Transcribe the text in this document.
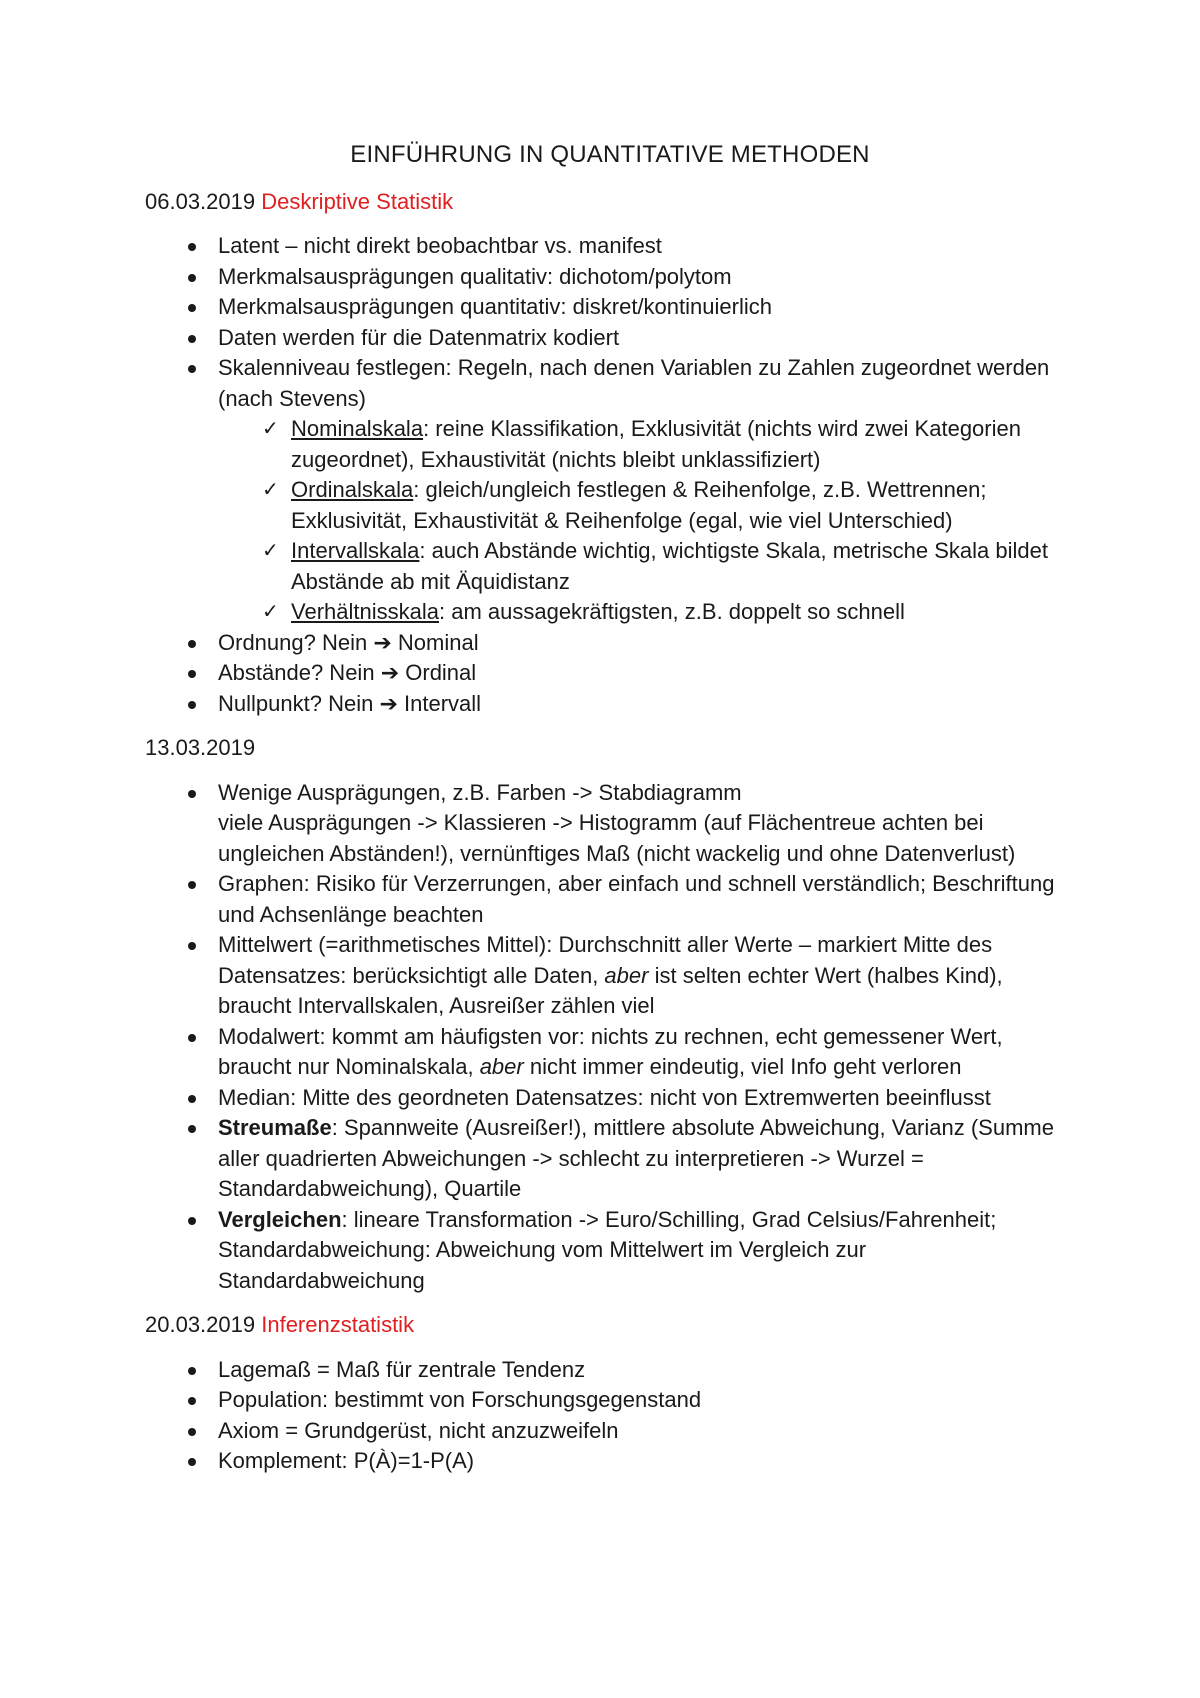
EINFÜHRUNG IN QUANTITATIVE METHODEN
06.03.2019 Deskriptive Statistik
Latent – nicht direkt beobachtbar vs. manifest
Merkmalsausprägungen qualitativ: dichotom/polytom
Merkmalsausprägungen quantitativ: diskret/kontinuierlich
Daten werden für die Datenmatrix kodiert
Skalenniveau festlegen: Regeln, nach denen Variablen zu Zahlen zugeordnet werden (nach Stevens)
✓ Nominalskala: reine Klassifikation, Exklusivität (nichts wird zwei Kategorien zugeordnet), Exhaustivität (nichts bleibt unklassifiziert)
✓ Ordinalskala: gleich/ungleich festlegen & Reihenfolge, z.B. Wettrennen; Exklusivität, Exhaustivität & Reihenfolge (egal, wie viel Unterschied)
✓ Intervallskala: auch Abstände wichtig, wichtigste Skala, metrische Skala bildet Abstände ab mit Äquidistanz
✓ Verhältnisskala: am aussagekräftigsten, z.B. doppelt so schnell
Ordnung? Nein ➔ Nominal
Abstände? Nein ➔ Ordinal
Nullpunkt? Nein ➔ Intervall
13.03.2019
Wenige Ausprägungen, z.B. Farben -> Stabdiagramm
viele Ausprägungen -> Klassieren -> Histogramm (auf Flächentreue achten bei ungleichen Abständen!), vernünftiges Maß (nicht wackelig und ohne Datenverlust)
Graphen: Risiko für Verzerrungen, aber einfach und schnell verständlich; Beschriftung und Achsenlänge beachten
Mittelwert (=arithmetisches Mittel): Durchschnitt aller Werte – markiert Mitte des Datensatzes: berücksichtigt alle Daten, aber ist selten echter Wert (halbes Kind), braucht Intervallskalen, Ausreißer zählen viel
Modalwert: kommt am häufigsten vor: nichts zu rechnen, echt gemessener Wert, braucht nur Nominalskala, aber nicht immer eindeutig, viel Info geht verloren
Median: Mitte des geordneten Datensatzes: nicht von Extremwerten beeinflusst
Streumaße: Spannweite (Ausreißer!), mittlere absolute Abweichung, Varianz (Summe aller quadrierten Abweichungen -> schlecht zu interpretieren -> Wurzel = Standardabweichung), Quartile
Vergleichen: lineare Transformation -> Euro/Schilling, Grad Celsius/Fahrenheit; Standardabweichung: Abweichung vom Mittelwert im Vergleich zur Standardabweichung
20.03.2019 Inferenzstatistik
Lagemaß = Maß für zentrale Tendenz
Population: bestimmt von Forschungsgegenstand
Axiom = Grundgerüst, nicht anzuzweifeln
Komplement: P(À)=1-P(A)
